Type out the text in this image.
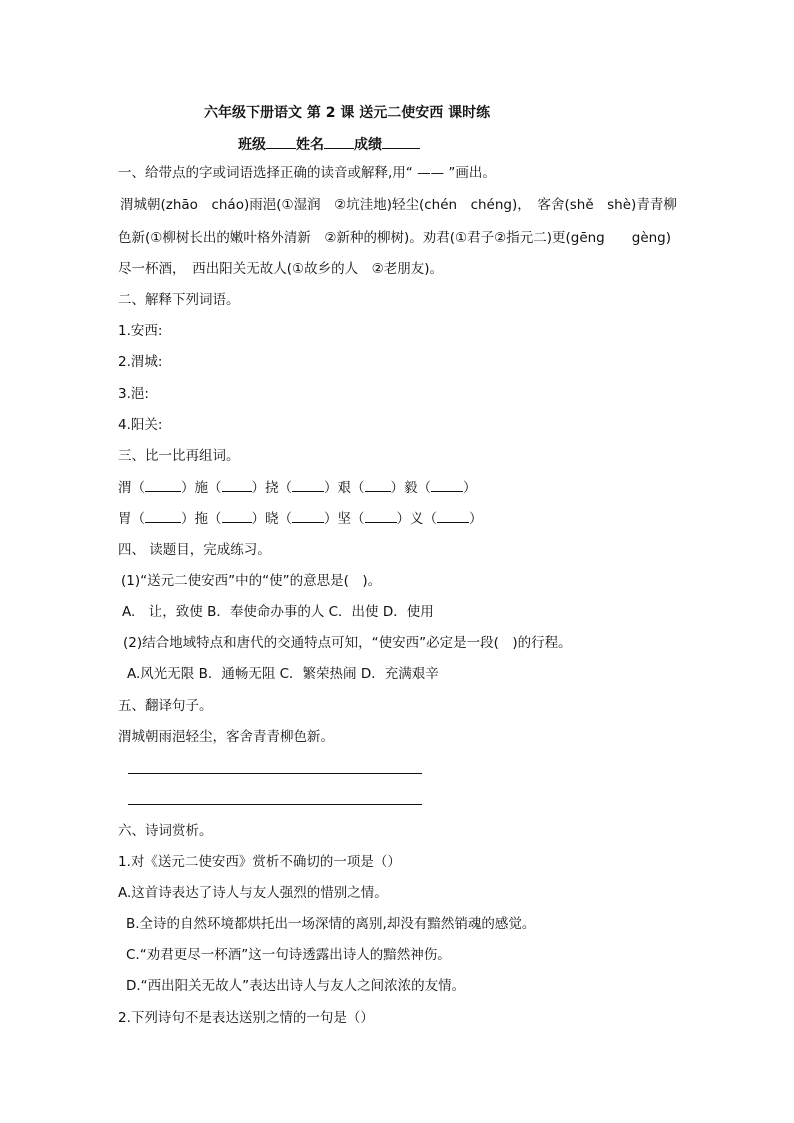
六年级下册语文 第 2 课 送元二使安西 课时练
班级 姓名 成绩
一、给带点的字或词语选择正确的读音或解释,用“ —— ”画出。
渭城朝(zhāo　cháo)雨浥(①湿润　②坑洼地)轻尘(chén　chéng)，　客舍(shě　shè)青青柳
色新(①柳树长出的嫩叶格外清新　②新种的柳树)。劝君(①君子②指元二)更(gēng　　gèng)
尽一杯酒，　西出阳关无故人(①故乡的人　②老朋友)。
二、解释下列词语。
1.安西:
2.渭城:
3.浥:
4.阳关:
三、比一比再组词。
渭（	）施（ ）挠（ ）艰（ ）毅（ ）
胃（	）拖（ ）晓（ ）坚（ ）义（ ）
四、 读题目，完成练习。
(1)“送元二使安西”中的“使”的意思是(　)。
A.　让，致使 B．奉使命办事的人 C．出使 D．使用
(2)结合地域特点和唐代的交通特点可知，“使安西”必定是一段(　)的行程。
A.风光无限 B．通畅无阻 C．繁荣热闹 D．充满艰辛
五、翻译句子。
渭城朝雨浥轻尘，客舍青青柳色新。
六、诗词赏析。
1.对《送元二使安西》赏析不确切的一项是（）
A.这首诗表达了诗人与友人强烈的惜别之情。
B.全诗的自然环境都烘托出一场深情的离别,却没有黯然销魂的感觉。
C.“劝君更尽一杯酒”这一句诗透露出诗人的黯然神伤。
D.“西出阳关无故人”表达出诗人与友人之间浓浓的友情。
2.下列诗句不是表达送别之情的一句是（）
